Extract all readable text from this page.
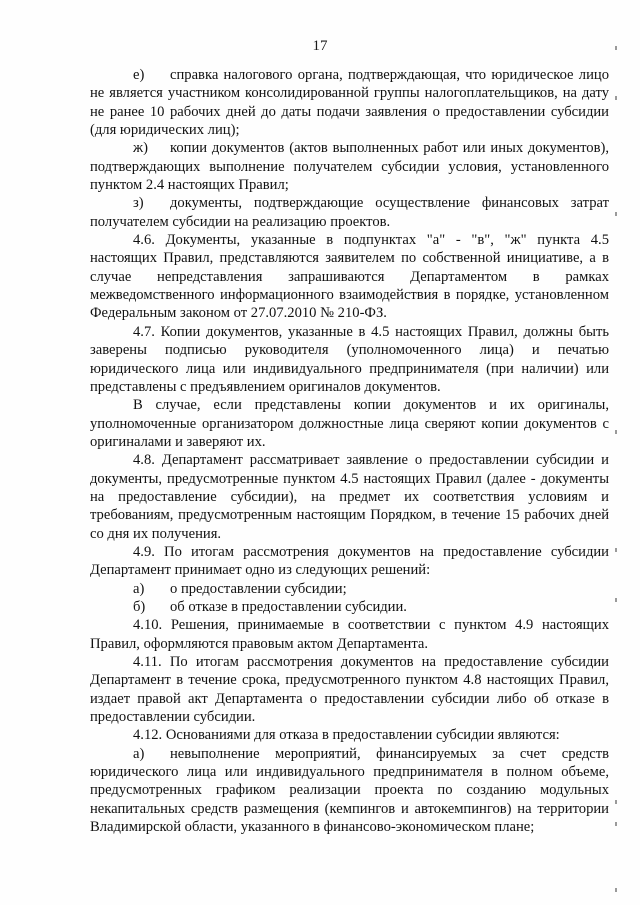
17

е) справка налогового органа, подтверждающая, что юридическое лицо не является участником консолидированной группы налогоплательщиков, на дату не ранее 10 рабочих дней до даты подачи заявления о предоставлении субсидии (для юридических лиц);

ж) копии документов (актов выполненных работ или иных документов), подтверждающих выполнение получателем субсидии условия, установленного пунктом 2.4 настоящих Правил;

з) документы, подтверждающие осуществление финансовых затрат получателем субсидии на реализацию проектов.

4.6. Документы, указанные в подпунктах "а" - "в", "ж" пункта 4.5 настоящих Правил, представляются заявителем по собственной инициативе, а в случае непредставления запрашиваются Департаментом в рамках межведомственного информационного взаимодействия в порядке, установленном Федеральным законом от 27.07.2010 № 210-ФЗ.

4.7. Копии документов, указанные в 4.5 настоящих Правил, должны быть заверены подписью руководителя (уполномоченного лица) и печатью юридического лица или индивидуального предпринимателя (при наличии) или представлены с предъявлением оригиналов документов.

В случае, если представлены копии документов и их оригиналы, уполномоченные организатором должностные лица сверяют копии документов с оригиналами и заверяют их.

4.8. Департамент рассматривает заявление о предоставлении субсидии и документы, предусмотренные пунктом 4.5 настоящих Правил (далее - документы на предоставление субсидии), на предмет их соответствия условиям и требованиям, предусмотренным настоящим Порядком, в течение 15 рабочих дней со дня их получения.

4.9. По итогам рассмотрения документов на предоставление субсидии Департамент принимает одно из следующих решений:

а) о предоставлении субсидии;

б) об отказе в предоставлении субсидии.

4.10. Решения, принимаемые в соответствии с пунктом 4.9 настоящих Правил, оформляются правовым актом Департамента.

4.11. По итогам рассмотрения документов на предоставление субсидии Департамент в течение срока, предусмотренного пунктом 4.8 настоящих Правил, издает правой акт Департамента о предоставлении субсидии либо об отказе в предоставлении субсидии.

4.12. Основаниями для отказа в предоставлении субсидии являются:

а) невыполнение мероприятий, финансируемых за счет средств юридического лица или индивидуального предпринимателя в полном объеме, предусмотренных графиком реализации проекта по созданию модульных некапитальных средств размещения (кемпингов и автокемпингов) на территории Владимирской области, указанного в финансово-экономическом плане;
